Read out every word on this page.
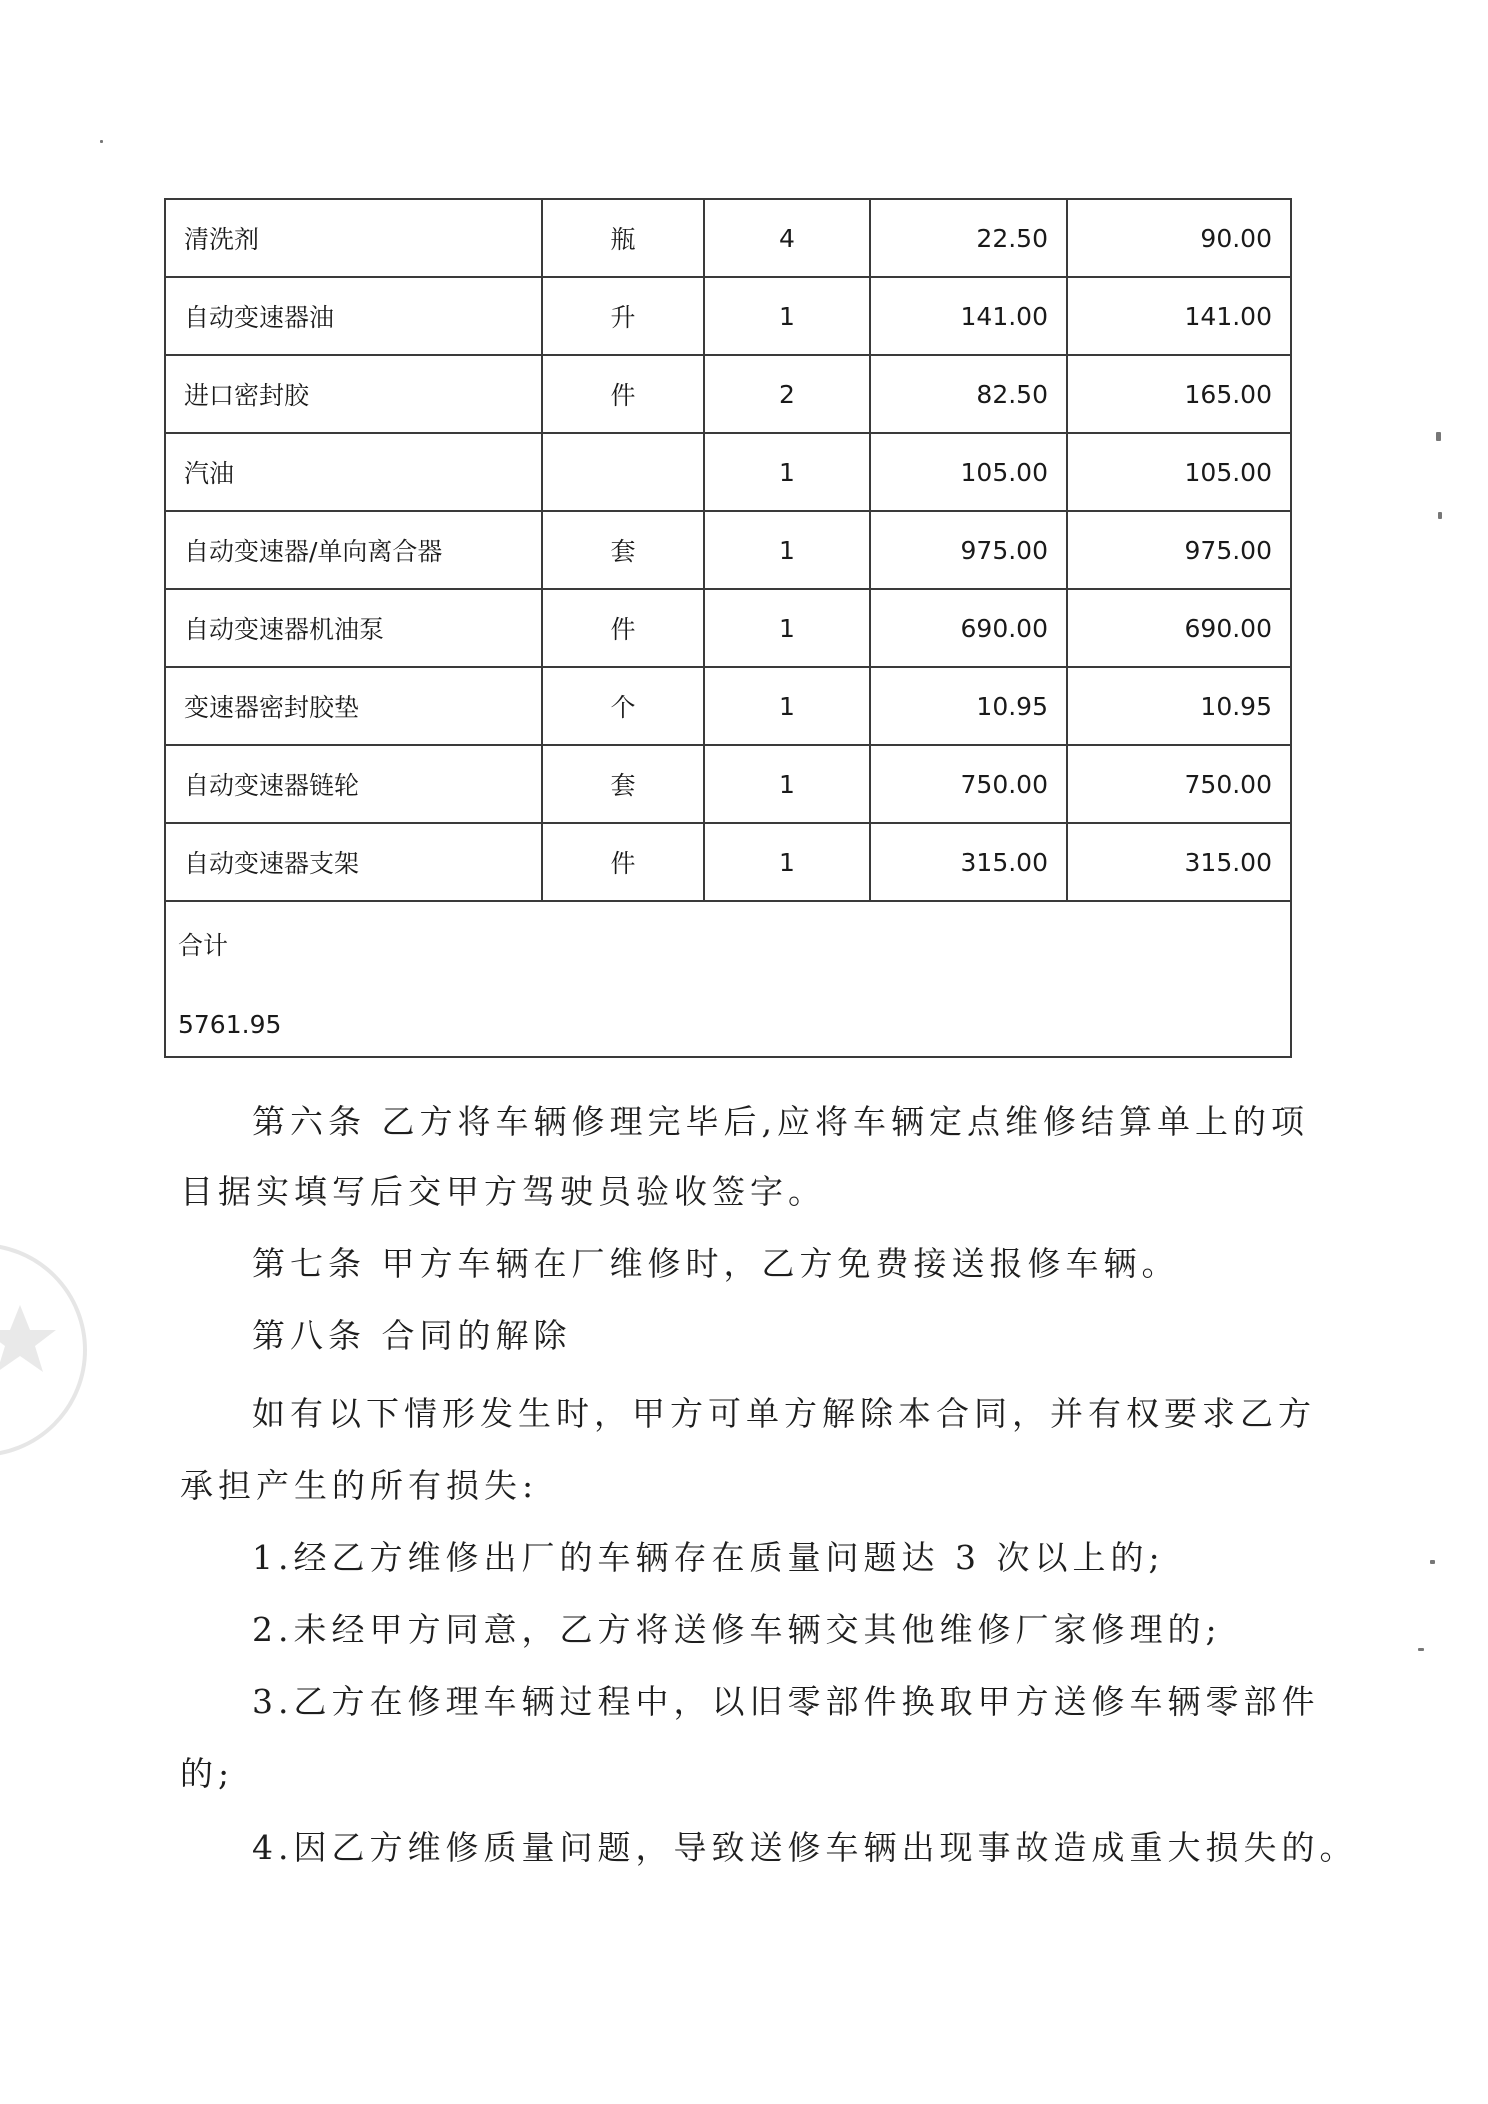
清洗剂	瓶	4	22.50	90.00
自动变速器油	升	1	141.00	141.00
进口密封胶	件	2	82.50	165.00
汽油		1	105.00	105.00
自动变速器/单向离合器	套	1	975.00	975.00
自动变速器机油泵	件	1	690.00	690.00
变速器密封胶垫	个	1	10.95	10.95
自动变速器链轮	套	1	750.00	750.00
自动变速器支架	件	1	315.00	315.00

合计
5761.95				

第六条 乙方将车辆修理完毕后,应将车辆定点维修结算单上的项

目据实填写后交甲方驾驶员验收签字。

第七条 甲方车辆在厂维修时，乙方免费接送报修车辆。

第八条 合同的解除

如有以下情形发生时，甲方可单方解除本合同，并有权要求乙方

承担产生的所有损失:

1.经乙方维修出厂的车辆存在质量问题达 3 次以上的;

2.未经甲方同意，乙方将送修车辆交其他维修厂家修理的;

3.乙方在修理车辆过程中，以旧零部件换取甲方送修车辆零部件

的;

4.因乙方维修质量问题，导致送修车辆出现事故造成重大损失的。
